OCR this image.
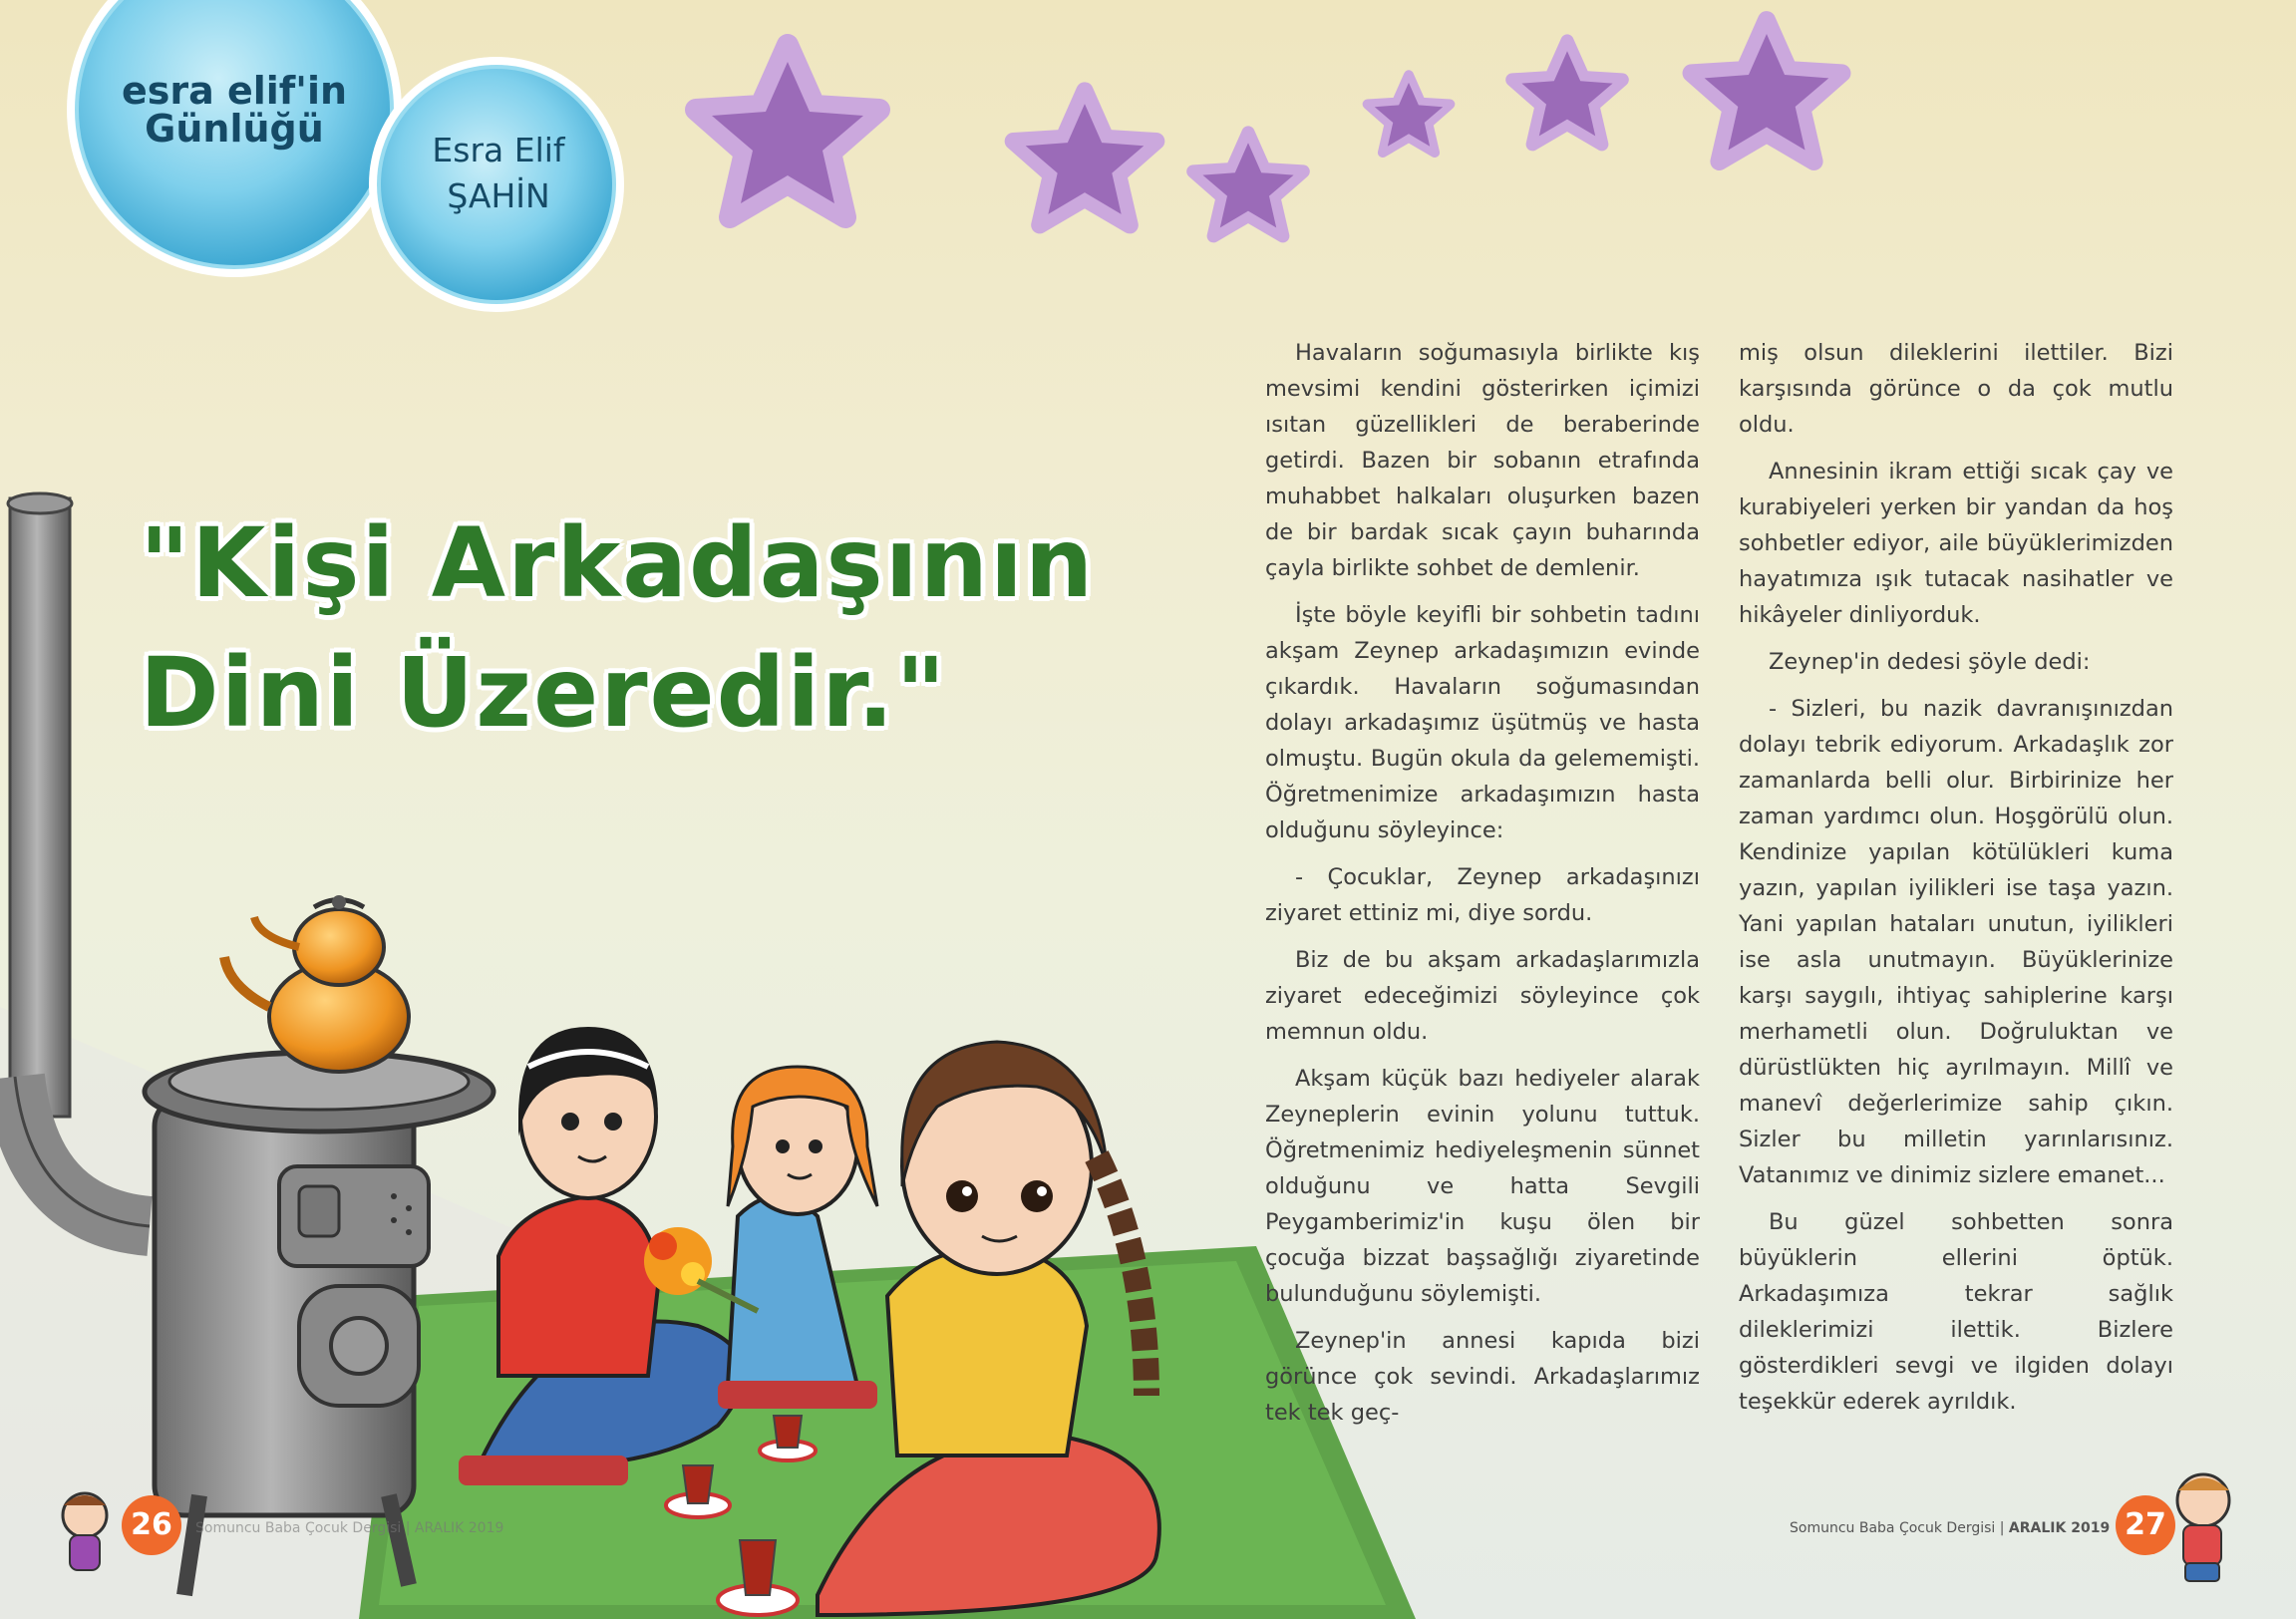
esra elif'in
Günlüğü	Esra Elif
ŞAHİN
"Kişi Arkadaşının
Dini Üzeredir."

Havaların soğumasıyla birlikte kış mevsimi kendini gösterirken içimizi ısıtan güzellikleri de beraberinde getirdi. Bazen bir sobanın etrafında muhabbet halkaları oluşurken bazen de bir bardak sıcak çayın buharında çayla birlikte sohbet de demlenir.

İşte böyle keyifli bir sohbetin tadını akşam Zeynep arkadaşımızın evinde çıkardık. Havaların soğumasından dolayı arkadaşımız üşütmüş ve hasta olmuştu. Bugün okula da gelememişti. Öğretmenimize arkadaşımızın hasta olduğunu söyleyince:

- Çocuklar, Zeynep arkadaşınızı ziyaret ettiniz mi, diye sordu.

Biz de bu akşam arkadaşlarımızla ziyaret edeceğimizi söyleyince çok memnun oldu.

Akşam küçük bazı hediyeler alarak Zeyneplerin evinin yolunu tuttuk. Öğretmenimiz hediyeleşmenin sünnet olduğunu ve hatta Sevgili Peygamberimiz'in kuşu ölen bir çocuğa bizzat başsağlığı ziyaretinde bulunduğunu söylemişti.

Zeynep'in annesi kapıda bizi görünce çok sevindi. Arkadaşlarımız tek tek geç-

miş olsun dileklerini ilettiler. Bizi karşısında görünce o da çok mutlu oldu.

Annesinin ikram ettiği sıcak çay ve kurabiyeleri yerken bir yandan da hoş sohbetler ediyor, aile büyüklerimizden hayatımıza ışık tutacak nasihatler ve hikâyeler dinliyorduk.

Zeynep'in dedesi şöyle dedi:

- Sizleri, bu nazik davranışınızdan dolayı tebrik ediyorum. Arkadaşlık zor zamanlarda belli olur. Birbirinize her zaman yardımcı olun. Hoşgörülü olun. Kendinize yapılan kötülükleri kuma yazın, yapılan iyilikleri ise taşa yazın. Yani yapılan hataları unutun, iyilikleri ise asla unutmayın. Büyüklerinize karşı saygılı, ihtiyaç sahiplerine karşı merhametli olun. Doğruluktan ve dürüstlükten hiç ayrılmayın. Millî ve manevî değerlerimize sahip çıkın. Sizler bu milletin yarınlarısınız. Vatanımız ve dinimiz sizlere emanet...

Bu güzel sohbetten sonra büyüklerin ellerini öptük. Arkadaşımıza tekrar sağlık dileklerimizi ilettik. Bizlere gösterdikleri sevgi ve ilgiden dolayı teşekkür ederek ayrıldık.

26	Somuncu Baba Çocuk Dergisi | ARALIK 2019	Somuncu Baba Çocuk Dergisi | ARALIK 2019 27
